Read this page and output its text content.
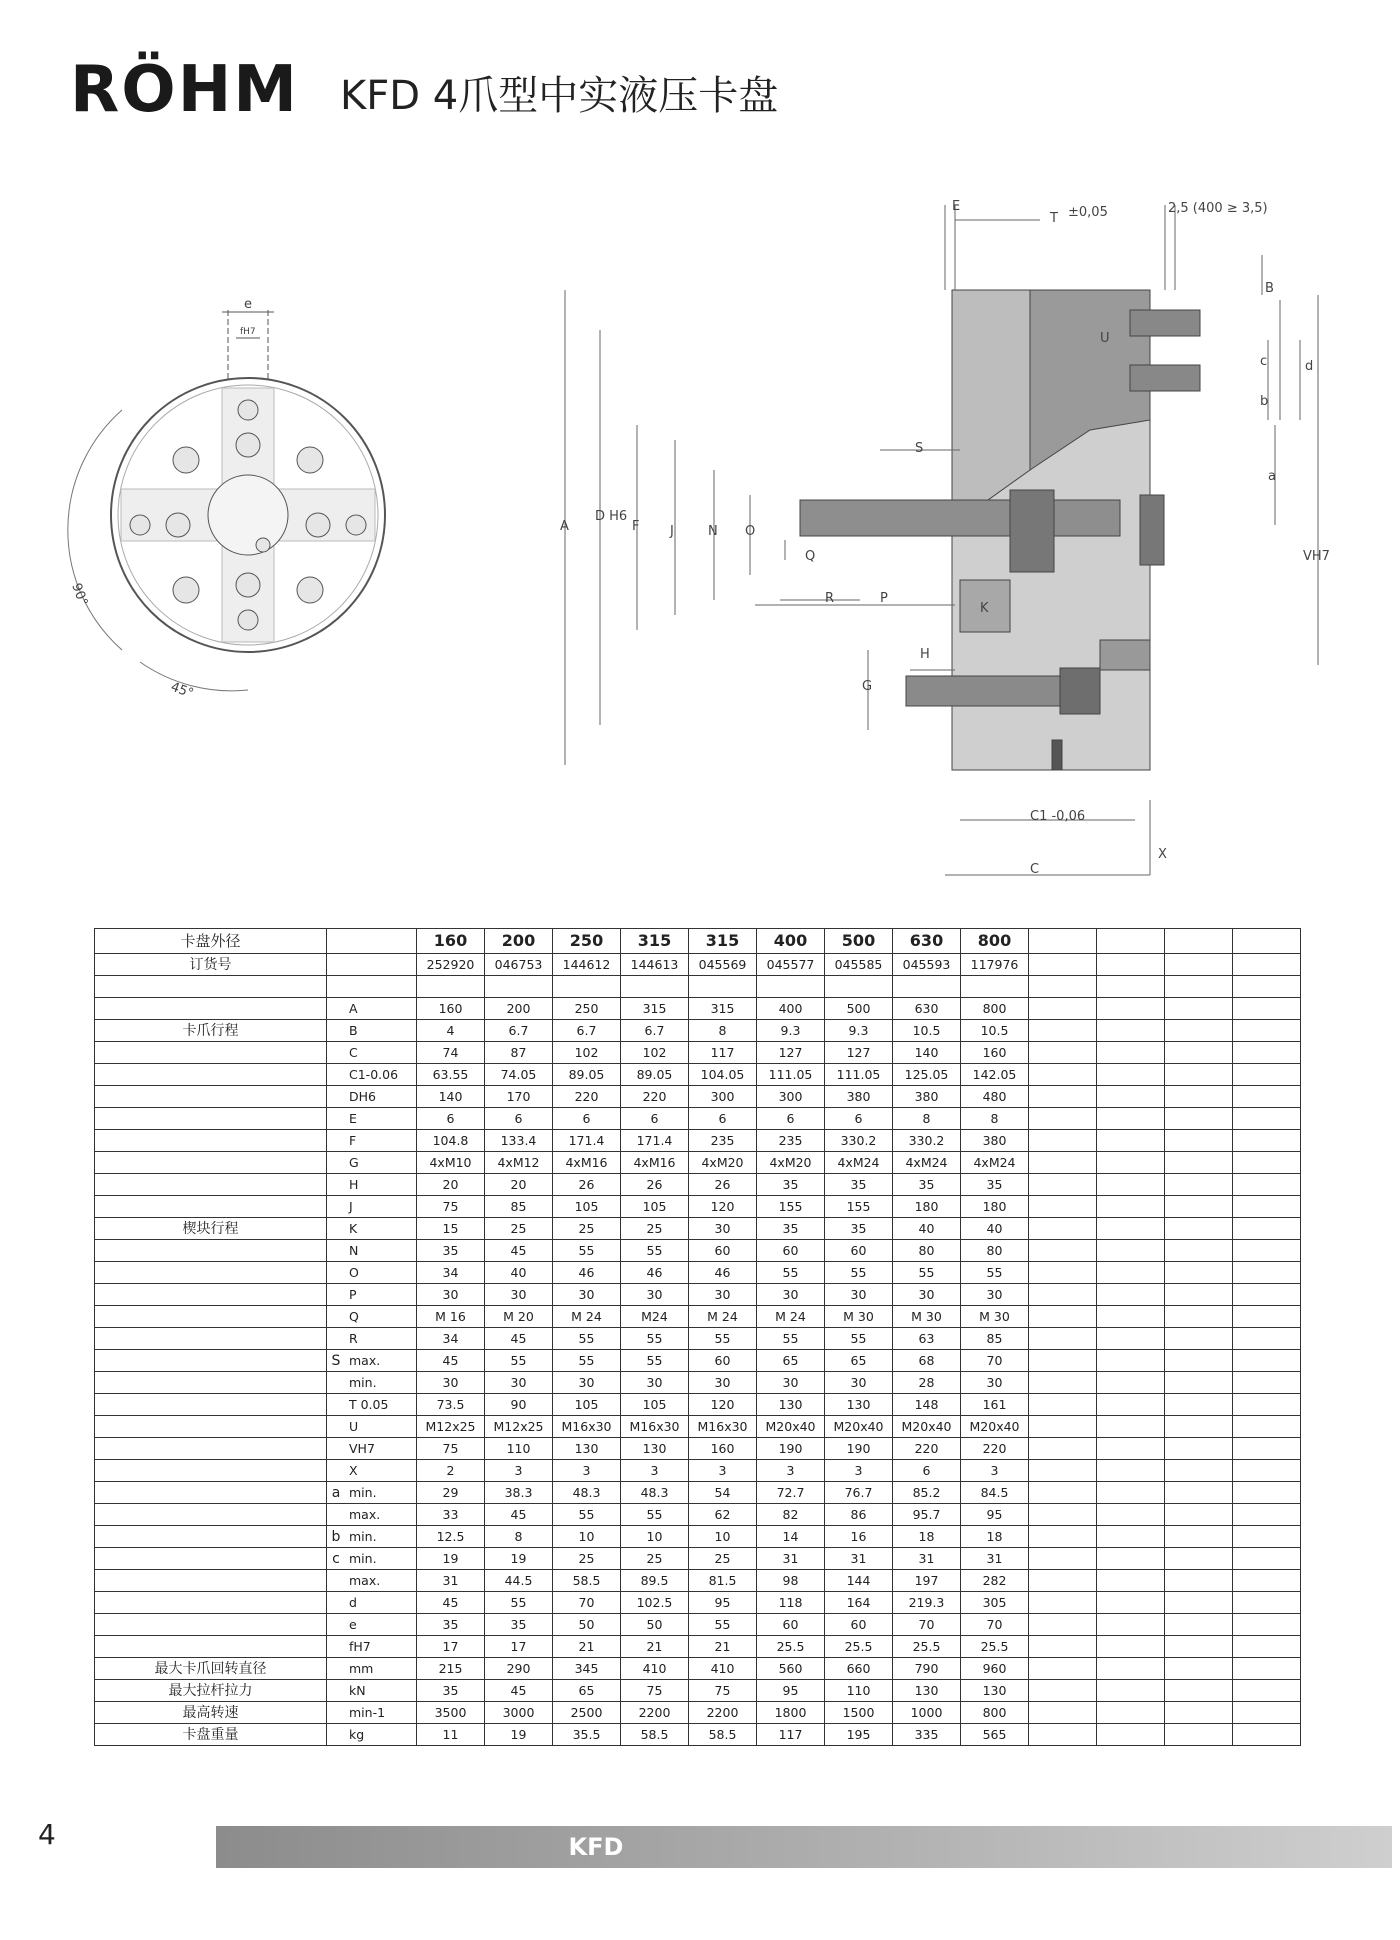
RÖHM KFD 4爪型中实液压卡盘
e
fH7
90°
45°
E
T ±0,05	2,5 (400 ≥ 3,5)
B
U
c
b
d
a
VH7
A
D H6
F J	N O
S
Q
R	P
K
H
G
C1 -0,06
C
X
卡盘外径		160	200	250	315	315	400	500	630	800				
订货号		252920	046753	144612	144613	045569	045577	045585	045593	117976				

	A	160	200	250	315	315	400	500	630	800				
卡爪行程	B	4	6.7	6.7	6.7	8	9.3	9.3	10.5	10.5				
	C	74	87	102	102	117	127	127	140	160				
	C1-0.06	63.55	74.05	89.05	89.05	104.05	111.05	111.05	125.05	142.05				
	DH6	140	170	220	220	300	300	380	380	480				
	E	6	6	6	6	6	6	6	8	8				
	F	104.8	133.4	171.4	171.4	235	235	330.2	330.2	380				
	G	4xM10	4xM12	4xM16	4xM16	4xM20	4xM20	4xM24	4xM24	4xM24				
	H	20	20	26	26	26	35	35	35	35				
	J	75	85	105	105	120	155	155	180	180				
楔块行程	K	15	25	25	25	30	35	35	40	40				
	N	35	45	55	55	60	60	60	80	80				
	O	34	40	46	46	46	55	55	55	55				
	P	30	30	30	30	30	30	30	30	30				
	Q	M 16	M 20	M 24	M24	M 24	M 24	M 30	M 30	M 30				
	R	34	45	55	55	55	55	55	63	85				
	S max.	45	55	55	55	60	65	65	68	70				
	min.	30	30	30	30	30	30	30	28	30				
	T 0.05	73.5	90	105	105	120	130	130	148	161				
	U	M12x25	M12x25	M16x30	M16x30	M16x30	M20x40	M20x40	M20x40	M20x40				
	VH7	75	110	130	130	160	190	190	220	220				
	X	2	3	3	3	3	3	3	6	3				
	a min.	29	38.3	48.3	48.3	54	72.7	76.7	85.2	84.5				
	max.	33	45	55	55	62	82	86	95.7	95				
	b min.	12.5	8	10	10	10	14	16	18	18				
	c min.	19	19	25	25	25	31	31	31	31				
	max.	31	44.5	58.5	89.5	81.5	98	144	197	282				
	d	45	55	70	102.5	95	118	164	219.3	305				
	e	35	35	50	50	55	60	60	70	70				
	fH7	17	17	21	21	21	25.5	25.5	25.5	25.5				
最大卡爪回转直径	mm	215	290	345	410	410	560	660	790	960				
最大拉杆拉力	kN	35	45	65	75	75	95	110	130	130				
最高转速	min-1	3500	3000	2500	2200	2200	1800	1500	1000	800				
卡盘重量	kg	11	19	35.5	58.5	58.5	117	195	335	565				
4	KFD
